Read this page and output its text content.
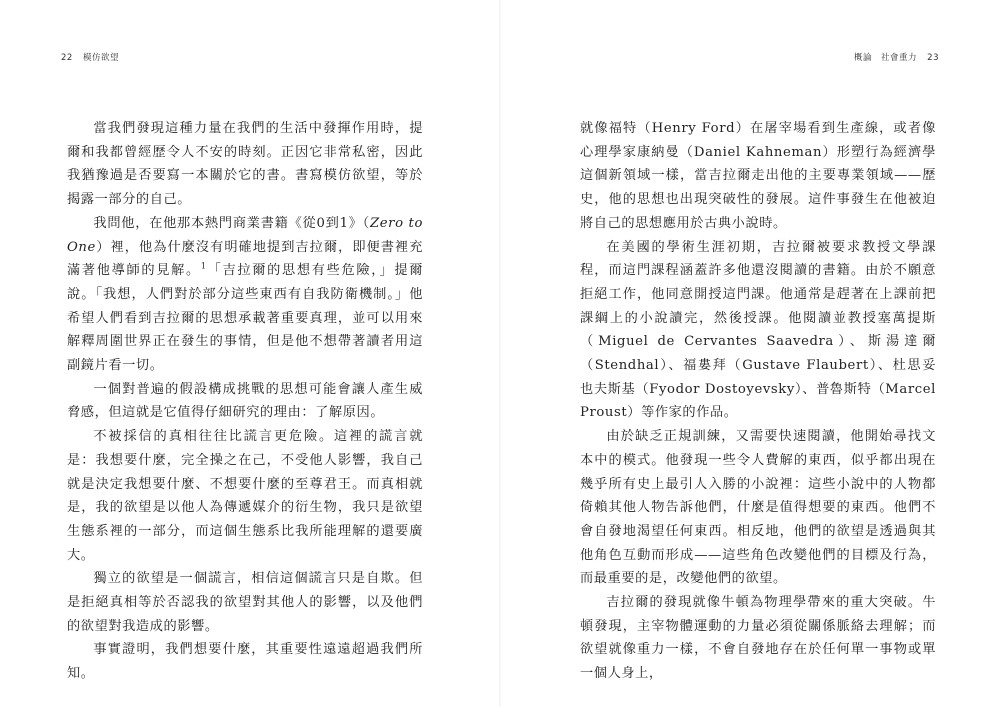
22 模仿欲望

當我們發現這種力量在我們的生活中發揮作用時，提爾和我都曾經歷令人不安的時刻。正因它非常私密，因此我猶豫過是否要寫一本關於它的書。書寫模仿欲望，等於揭露一部分的自己。

我問他，在他那本熱門商業書籍《從0到1》（Zero to One）裡，他為什麼沒有明確地提到吉拉爾，即便書裡充滿著他導師的見解。$^1$「吉拉爾的思想有些危險，」提爾說。「我想，人們對於部分這些東西有自我防衛機制。」他希望人們看到吉拉爾的思想承載著重要真理，並可以用來解釋周圍世界正在發生的事情，但是他不想帶著讀者用這副鏡片看一切。

一個對普遍的假設構成挑戰的思想可能會讓人產生威脅感，但這就是它值得仔細研究的理由：了解原因。

不被採信的真相往往比謊言更危險。這裡的謊言就是：我想要什麼，完全操之在己，不受他人影響，我自己就是決定我想要什麼、不想要什麼的至尊君王。而真相就是，我的欲望是以他人為傳遞媒介的衍生物，我只是欲望生態系裡的一部分，而這個生態系比我所能理解的還要廣大。

獨立的欲望是一個謊言，相信這個謊言只是自欺。但是拒絕真相等於否認我的欲望對其他人的影響，以及他們的欲望對我造成的影響。

事實證明，我們想要什麼，其重要性遠遠超過我們所知。

概論　社會重力 23

就像福特（Henry Ford）在屠宰場看到生產線，或者像心理學家康納曼（Daniel Kahneman）形塑行為經濟學這個新領域一樣，當吉拉爾走出他的主要專業領域——歷史，他的思想也出現突破性的發展。這件事發生在他被迫將自己的思想應用於古典小說時。

在美國的學術生涯初期，吉拉爾被要求教授文學課程，而這門課程涵蓋許多他還沒閱讀的書籍。由於不願意拒絕工作，他同意開授這門課。他通常是趕著在上課前把課綱上的小說讀完，然後授課。他閱讀並教授塞萬提斯（Miguel de Cervantes Saavedra）、斯湯達爾（Stendhal）、福婁拜（Gustave Flaubert）、杜思妥也夫斯基（Fyodor Dostoyevsky）、普魯斯特（Marcel Proust）等作家的作品。

由於缺乏正規訓練，又需要快速閱讀，他開始尋找文本中的模式。他發現一些令人費解的東西，似乎都出現在幾乎所有史上最引人入勝的小說裡：這些小說中的人物都倚賴其他人物告訴他們，什麼是值得想要的東西。他們不會自發地渴望任何東西。相反地，他們的欲望是透過與其他角色互動而形成——這些角色改變他們的目標及行為，而最重要的是，改變他們的欲望。

吉拉爾的發現就像牛頓為物理學帶來的重大突破。牛頓發現，主宰物體運動的力量必須從關係脈絡去理解；而欲望就像重力一樣，不會自發地存在於任何單一事物或單一個人身上，
